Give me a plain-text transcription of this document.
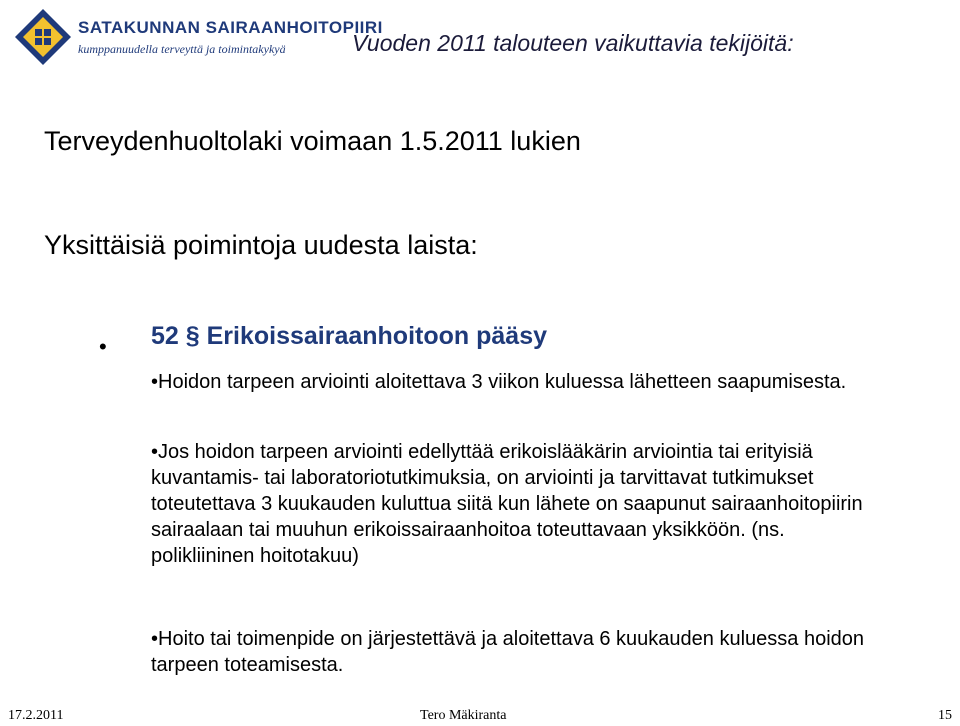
SATAKUNNAN SAIRAANHOITOPIIRI
kumppanuudella terveyttä ja toimintakykyä	Vuoden 2011 talouteen vaikuttavia tekijöitä:
Terveydenhuoltolaki voimaan 1.5.2011 lukien
Yksittäisiä poimintoja uudesta laista:
• 52 § Erikoissairaanhoitoon pääsy
•Hoidon tarpeen arviointi aloitettava 3 viikon kuluessa lähetteen saapumisesta.
•Jos hoidon tarpeen arviointi edellyttää erikoislääkärin arviointia tai erityisiä kuvantamis- tai laboratoriotutkimuksia, on arviointi ja tarvittavat tutkimukset toteutettava 3 kuukauden kuluttua siitä kun lähete on saapunut sairaanhoitopiirin sairaalaan tai muuhun erikoissairaanhoitoa toteuttavaan yksikköön. (ns. polikliininen hoitotakuu)
•Hoito tai toimenpide on järjestettävä ja aloitettava 6 kuukauden kuluessa hoidon tarpeen toteamisesta.
17.2.2011	Tero Mäkiranta	15
